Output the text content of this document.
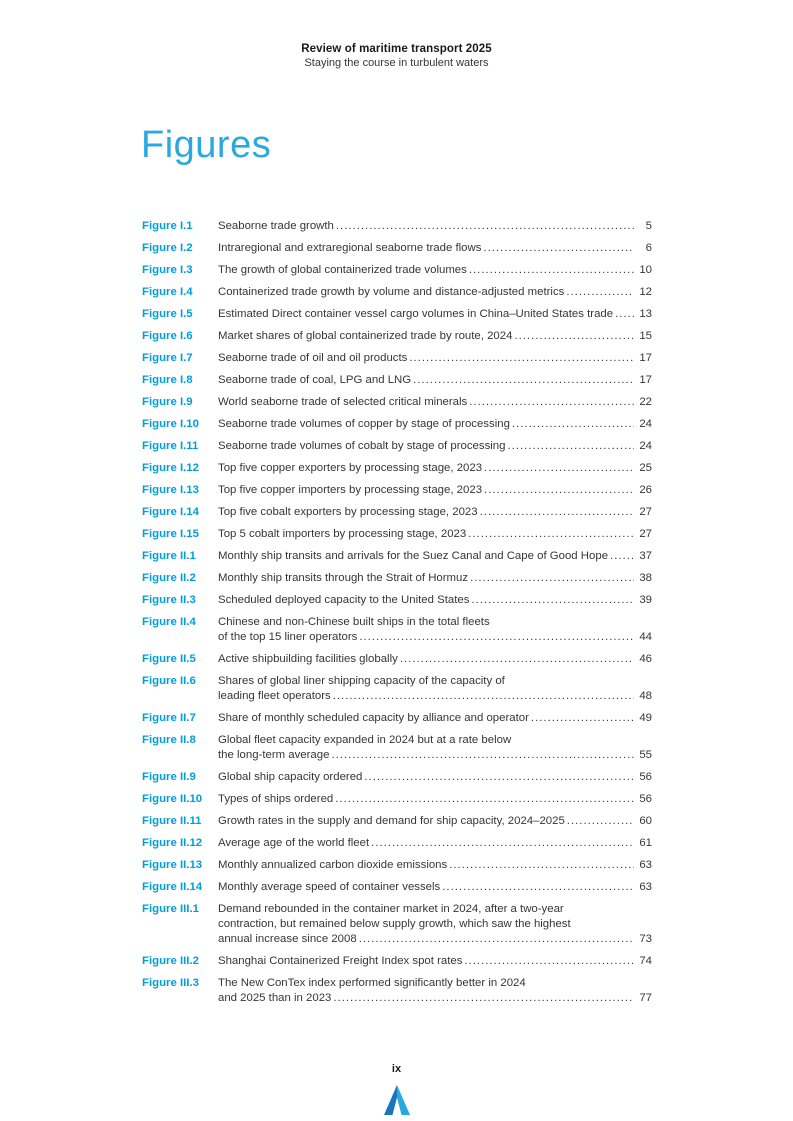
Review of maritime transport 2025
Staying the course in turbulent waters
Figures
Figure I.1	Seaborne trade growth .....	5
Figure I.2	Intraregional and extraregional seaborne trade flows .....	6
Figure I.3	The growth of global containerized trade volumes .....	10
Figure I.4	Containerized trade growth by volume and distance-adjusted metrics .....	12
Figure I.5	Estimated Direct container vessel cargo volumes in China–United States trade .....	13
Figure I.6	Market shares of global containerized trade by route, 2024 .....	15
Figure I.7	Seaborne trade of oil and oil products .....	17
Figure I.8	Seaborne trade of coal, LPG and LNG .....	17
Figure I.9	World seaborne trade of selected critical minerals .....	22
Figure I.10	Seaborne trade volumes of copper by stage of processing .....	24
Figure I.11	Seaborne trade volumes of cobalt by stage of processing .....	24
Figure I.12	Top five copper exporters by processing stage, 2023 .....	25
Figure I.13	Top five copper importers by processing stage, 2023 .....	26
Figure I.14	Top five cobalt exporters by processing stage, 2023 .....	27
Figure I.15	Top 5 cobalt importers by processing stage, 2023 .....	27
Figure II.1	Monthly ship transits and arrivals for the Suez Canal and Cape of Good Hope .....	37
Figure II.2	Monthly ship transits through the Strait of Hormuz .....	38
Figure II.3	Scheduled deployed capacity to the United States .....	39
Figure II.4	Chinese and non-Chinese built ships in the total fleets
of the top 15 liner operators .....	44
Figure II.5	Active shipbuilding facilities globally .....	46
Figure II.6	Shares of global liner shipping capacity of the capacity of
leading fleet operators .....	48
Figure II.7	Share of monthly scheduled capacity by alliance and operator .....	49
Figure II.8	Global fleet capacity expanded in 2024 but at a rate below
the long-term average .....	55
Figure II.9	Global ship capacity ordered .....	56
Figure II.10	Types of ships ordered .....	56
Figure II.11	Growth rates in the supply and demand for ship capacity, 2024–2025 .....	60
Figure II.12	Average age of the world fleet .....	61
Figure II.13	Monthly annualized carbon dioxide emissions .....	63
Figure II.14	Monthly average speed of container vessels .....	63
Figure III.1	Demand rebounded in the container market in 2024, after a two-year
contraction, but remained below supply growth, which saw the highest
annual increase since 2008 .....	73
Figure III.2	Shanghai Containerized Freight Index spot rates .....	74
Figure III.3	The New ConTex index performed significantly better in 2024
and 2025 than in 2023 .....	77
ix
